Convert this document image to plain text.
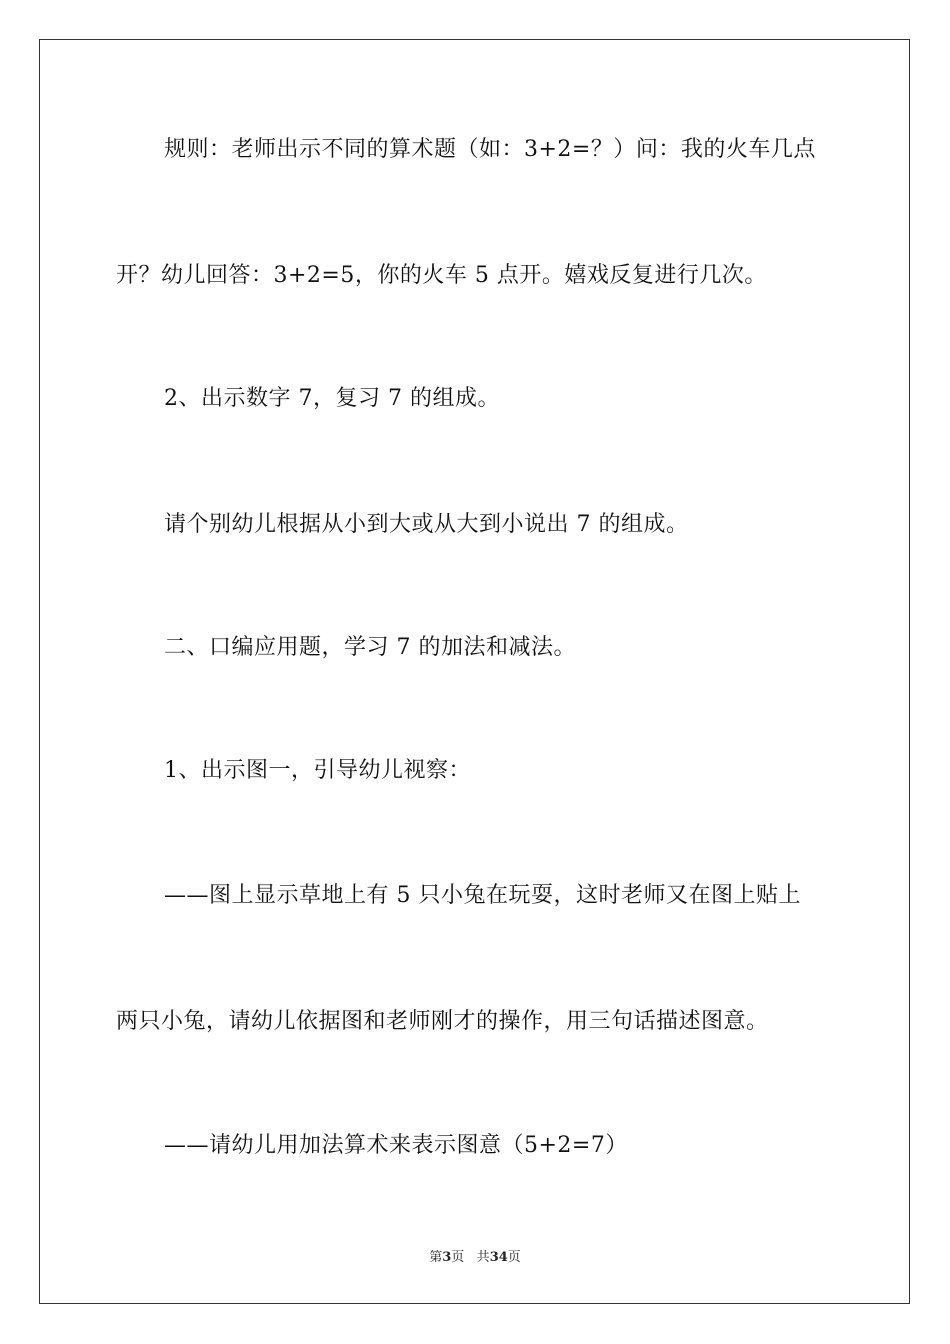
规则：老师出示不同的算术题（如：3+2=？）问：我的火车几点
开？幼儿回答：3+2=5，你的火车 5 点开。嬉戏反复进行几次。
2、出示数字 7，复习 7 的组成。
请个别幼儿根据从小到大或从大到小说出 7 的组成。
二、口编应用题，学习 7 的加法和减法。
1、出示图一，引导幼儿视察：
——图上显示草地上有 5 只小兔在玩耍，这时老师又在图上贴上
两只小兔，请幼儿依据图和老师刚才的操作，用三句话描述图意。
——请幼儿用加法算术来表示图意（5+2=7）
第3页 共34页
